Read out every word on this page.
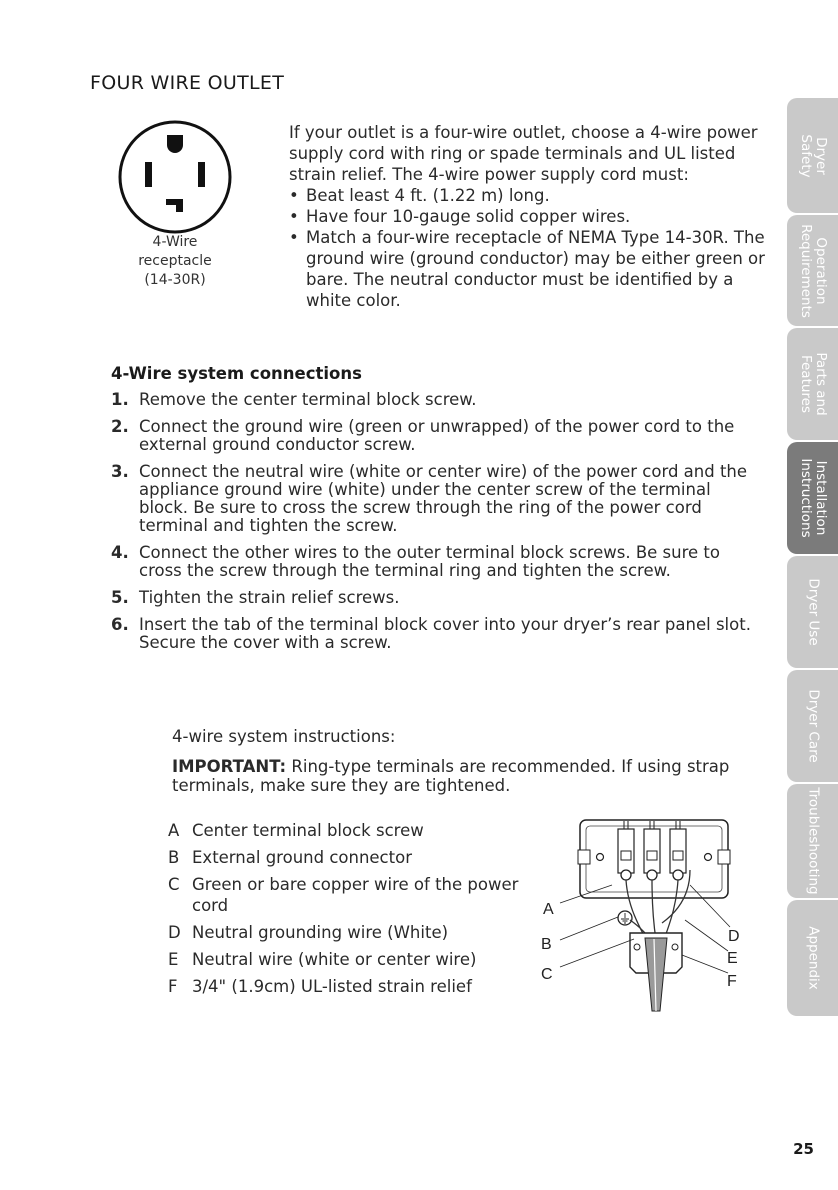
FOUR WIRE OUTLET
4-Wire
receptacle
(14-30R)

If your outlet is a four-wire outlet, choose a 4-wire power supply cord with ring or spade terminals and UL listed strain relief. The 4-wire power supply cord must:

• Beat least 4 ft. (1.22 m) long.
• Have four 10-gauge solid copper wires.
• Match a four-wire receptacle of NEMA Type 14-30R. The ground wire (ground conductor) may be either green or bare. The neutral conductor must be identified by a white color.
4-Wire system connections
1. Remove the center terminal block screw.
2. Connect the ground wire (green or unwrapped) of the power cord to the external ground conductor screw.
3. Connect the neutral wire (white or center wire) of the power cord and the appliance ground wire (white) under the center screw of the terminal block. Be sure to cross the screw through the ring of the power cord terminal and tighten the screw.
4. Connect the other wires to the outer terminal block screws. Be sure to cross the screw through the terminal ring and tighten the screw.
5. Tighten the strain relief screws.
6. Insert the tab of the terminal block cover into your dryer’s rear panel slot. Secure the cover with a screw.
4-wire system instructions:
IMPORTANT: Ring-type terminals are recommended. If using strap terminals, make sure they are tightened.
A Center terminal block screw
B External ground connector
C Green or bare copper wire of the power cord
D Neutral grounding wire (White)
E Neutral wire (white or center wire)
F 3/4" (1.9cm) UL-listed strain relief
A
B
C
D
E
F
Dryer
Safety
Operation
Requirements
Parts and
Features
Installation
Instructions
Dryer Use
Dryer Care
Troubleshooting
Appendix
25
